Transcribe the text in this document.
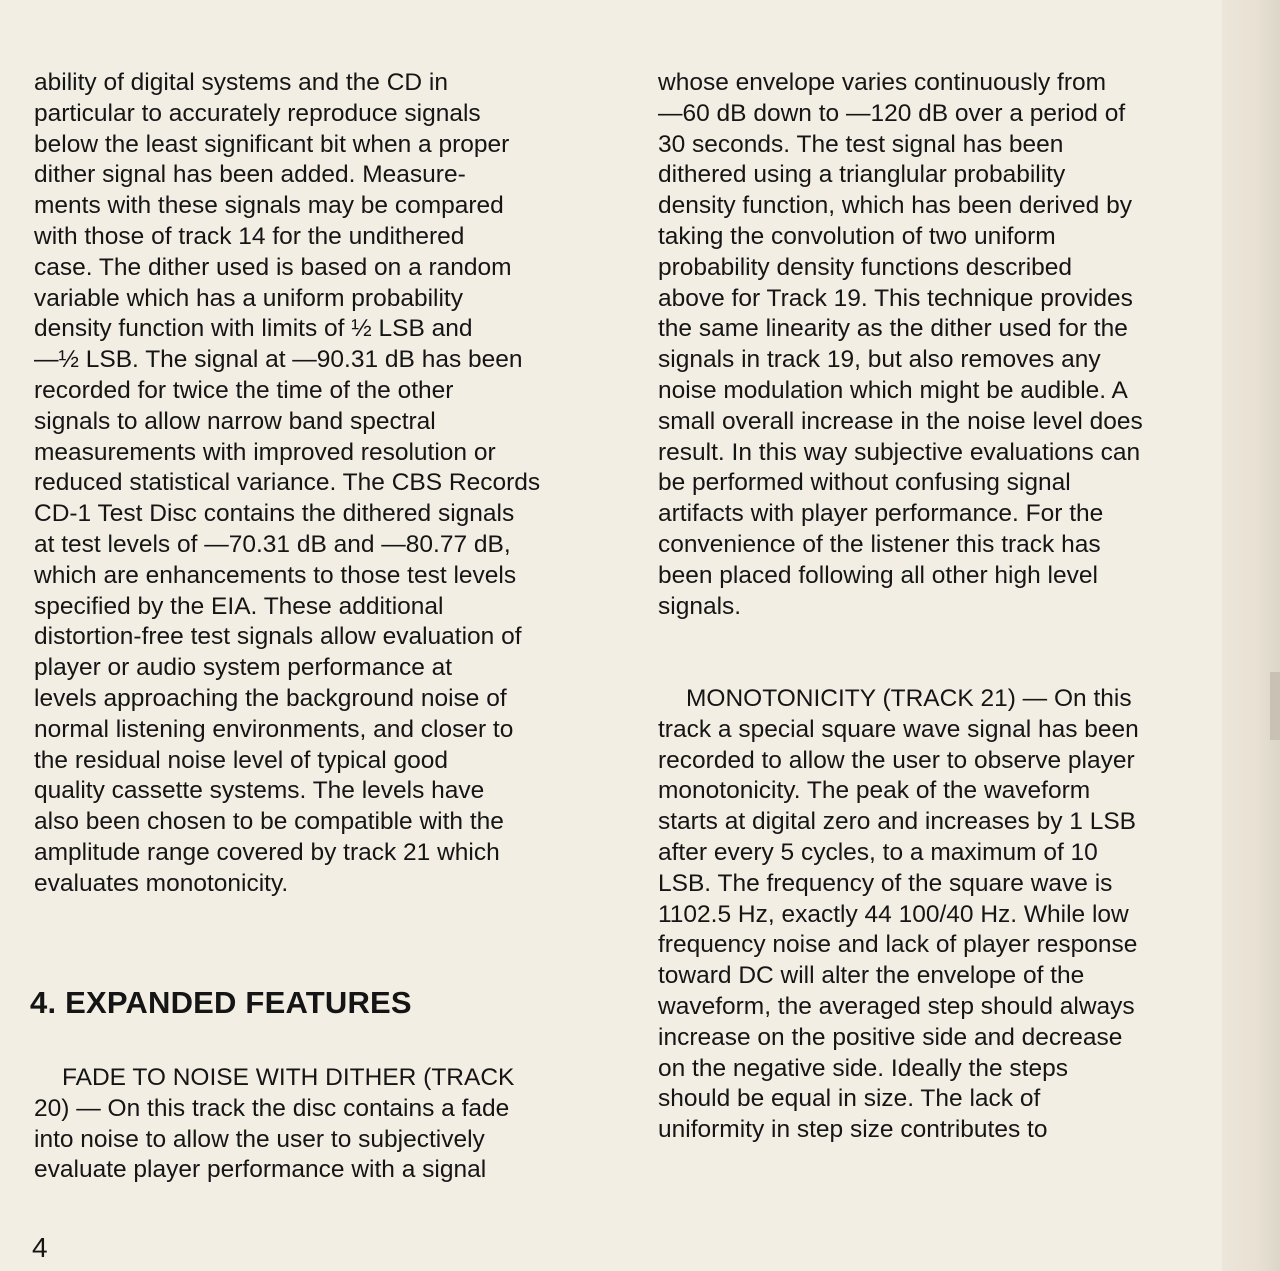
ability of digital systems and the CD in
particular to accurately reproduce signals
below the least significant bit when a proper
dither signal has been added. Measure-
ments with these signals may be compared
with those of track 14 for the undithered
case. The dither used is based on a random
variable which has a uniform probability
density function with limits of ½ LSB and
—½ LSB. The signal at —90.31 dB has been
recorded for twice the time of the other
signals to allow narrow band spectral
measurements with improved resolution or
reduced statistical variance. The CBS Records
CD-1 Test Disc contains the dithered signals
at test levels of —70.31 dB and —80.77 dB,
which are enhancements to those test levels
specified by the EIA. These additional
distortion-free test signals allow evaluation of
player or audio system performance at
levels approaching the background noise of
normal listening environments, and closer to
the residual noise level of typical good
quality cassette systems. The levels have
also been chosen to be compatible with the
amplitude range covered by track 21 which
evaluates monotonicity.
4. EXPANDED FEATURES
FADE TO NOISE WITH DITHER (TRACK
20) — On this track the disc contains a fade
into noise to allow the user to subjectively
evaluate player performance with a signal
whose envelope varies continuously from
—60 dB down to —120 dB over a period of
30 seconds. The test signal has been
dithered using a trianglular probability
density function, which has been derived by
taking the convolution of two uniform
probability density functions described
above for Track 19. This technique provides
the same linearity as the dither used for the
signals in track 19, but also removes any
noise modulation which might be audible. A
small overall increase in the noise level does
result. In this way subjective evaluations can
be performed without confusing signal
artifacts with player performance. For the
convenience of the listener this track has
been placed following all other high level
signals.
MONOTONICITY (TRACK 21) — On this
track a special square wave signal has been
recorded to allow the user to observe player
monotonicity. The peak of the waveform
starts at digital zero and increases by 1 LSB
after every 5 cycles, to a maximum of 10
LSB. The frequency of the square wave is
1102.5 Hz, exactly 44 100/40 Hz. While low
frequency noise and lack of player response
toward DC will alter the envelope of the
waveform, the averaged step should always
increase on the positive side and decrease
on the negative side. Ideally the steps
should be equal in size. The lack of
uniformity in step size contributes to
4
